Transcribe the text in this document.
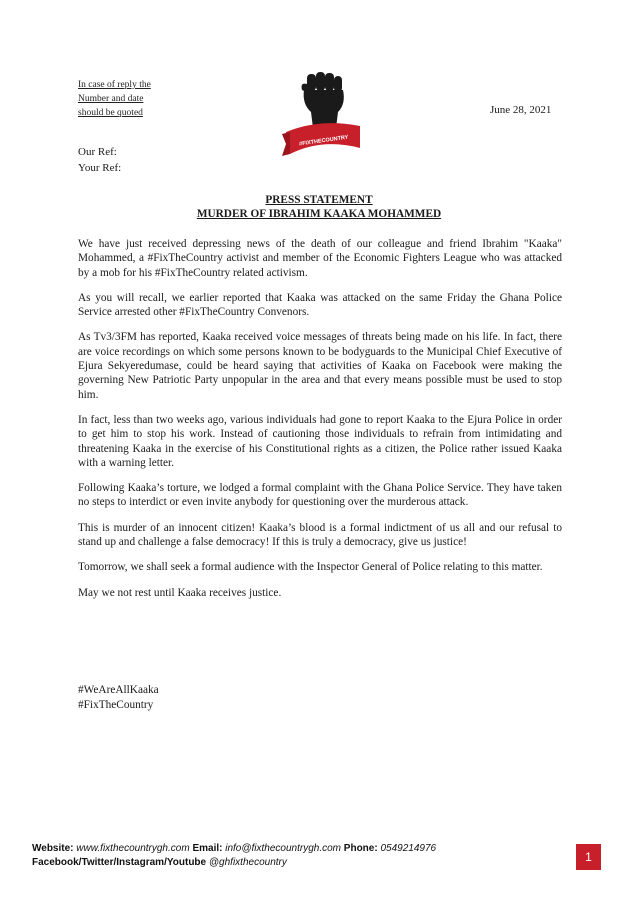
In case of reply the
Number and date
should be quoted
#FIXTHECOUNTRY
June 28, 2021
Our Ref:
Your Ref:
PRESS STATEMENT
MURDER OF IBRAHIM KAAKA MOHAMMED

We have just received depressing news of the death of our colleague and friend Ibrahim "Kaaka" Mohammed, a #FixTheCountry activist and member of the Economic Fighters League who was attacked by a mob for his #FixTheCountry related activism.

As you will recall, we earlier reported that Kaaka was attacked on the same Friday the Ghana Police Service arrested other #FixTheCountry Convenors.

As Tv3/3FM has reported, Kaaka received voice messages of threats being made on his life. In fact, there are voice recordings on which some persons known to be bodyguards to the Municipal Chief Executive of Ejura Sekyeredumase, could be heard saying that activities of Kaaka on Facebook were making the governing New Patriotic Party unpopular in the area and that every means possible must be used to stop him.

In fact, less than two weeks ago, various individuals had gone to report Kaaka to the Ejura Police in order to get him to stop his work. Instead of cautioning those individuals to refrain from intimidating and threatening Kaaka in the exercise of his Constitutional rights as a citizen, the Police rather issued Kaaka with a warning letter.

Following Kaaka’s torture, we lodged a formal complaint with the Ghana Police Service. They have taken no steps to interdict or even invite anybody for questioning over the murderous attack.

This is murder of an innocent citizen! Kaaka’s blood is a formal indictment of us all and our refusal to stand up and challenge a false democracy! If this is truly a democracy, give us justice!

Tomorrow, we shall seek a formal audience with the Inspector General of Police relating to this matter.

May we not rest until Kaaka receives justice.

#WeAreAllKaaka
#FixTheCountry
Website: www.fixthecountrygh.com Email: info@fixthecountrygh.com Phone: 0549214976
Facebook/Twitter/Instagram/Youtube @ghfixthecountry	1
